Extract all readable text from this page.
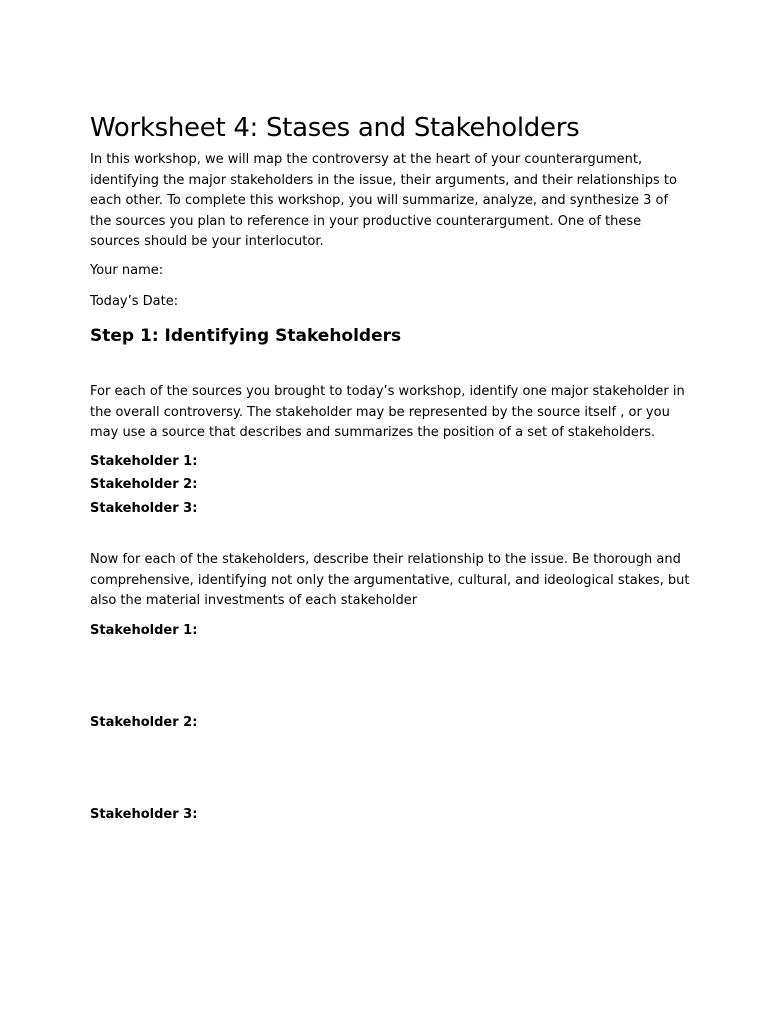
Worksheet 4: Stases and Stakeholders

In this workshop, we will map the controversy at the heart of your counterargument, identifying the major stakeholders in the issue, their arguments, and their relationships to each other. To complete this workshop, you will summarize, analyze, and synthesize 3 of the sources you plan to reference in your productive counterargument. One of these sources should be your interlocutor.

Your name:
Today’s Date:
Step 1: Identifying Stakeholders

For each of the sources you brought to today’s workshop, identify one major stakeholder in the overall controversy. The stakeholder may be represented by the source itself , or you may use a source that describes and summarizes the position of a set of stakeholders.

Stakeholder 1:
Stakeholder 2:
Stakeholder 3:

Now for each of the stakeholders, describe their relationship to the issue. Be thorough and comprehensive, identifying not only the argumentative, cultural, and ideological stakes, but also the material investments of each stakeholder

Stakeholder 1:
Stakeholder 2:
Stakeholder 3:
